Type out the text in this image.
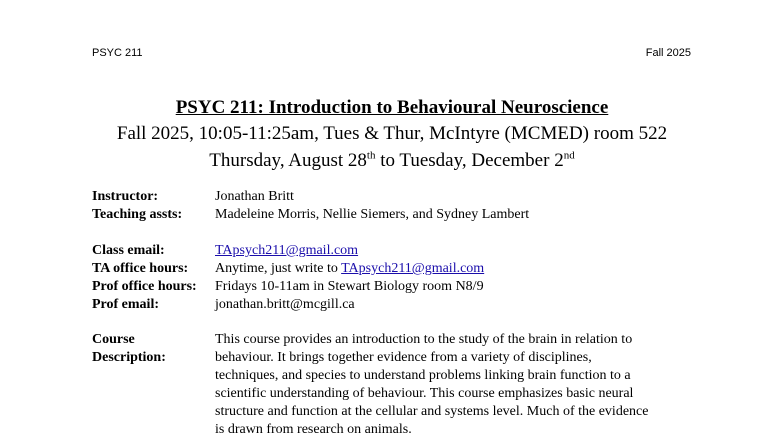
PSYC 211	Fall 2025
PSYC 211: Introduction to Behavioural Neuroscience
Fall 2025, 10:05-11:25am, Tues & Thur, McIntyre (MCMED) room 522
Thursday, August 28th to Tuesday, December 2nd
Instructor:	Jonathan Britt
Teaching assts:	Madeleine Morris, Nellie Siemers, and Sydney Lambert
Class email:	TApsych211@gmail.com
TA office hours:	Anytime, just write to TApsych211@gmail.com
Prof office hours:	Fridays 10-11am in Stewart Biology room N8/9
Prof email:	jonathan.britt@mcgill.ca
Course
Description:
This course provides an introduction to the study of the brain in relation to
behaviour. It brings together evidence from a variety of disciplines,
techniques, and species to understand problems linking brain function to a
scientific understanding of behaviour. This course emphasizes basic neural
structure and function at the cellular and systems level. Much of the evidence
is drawn from research on animals.
